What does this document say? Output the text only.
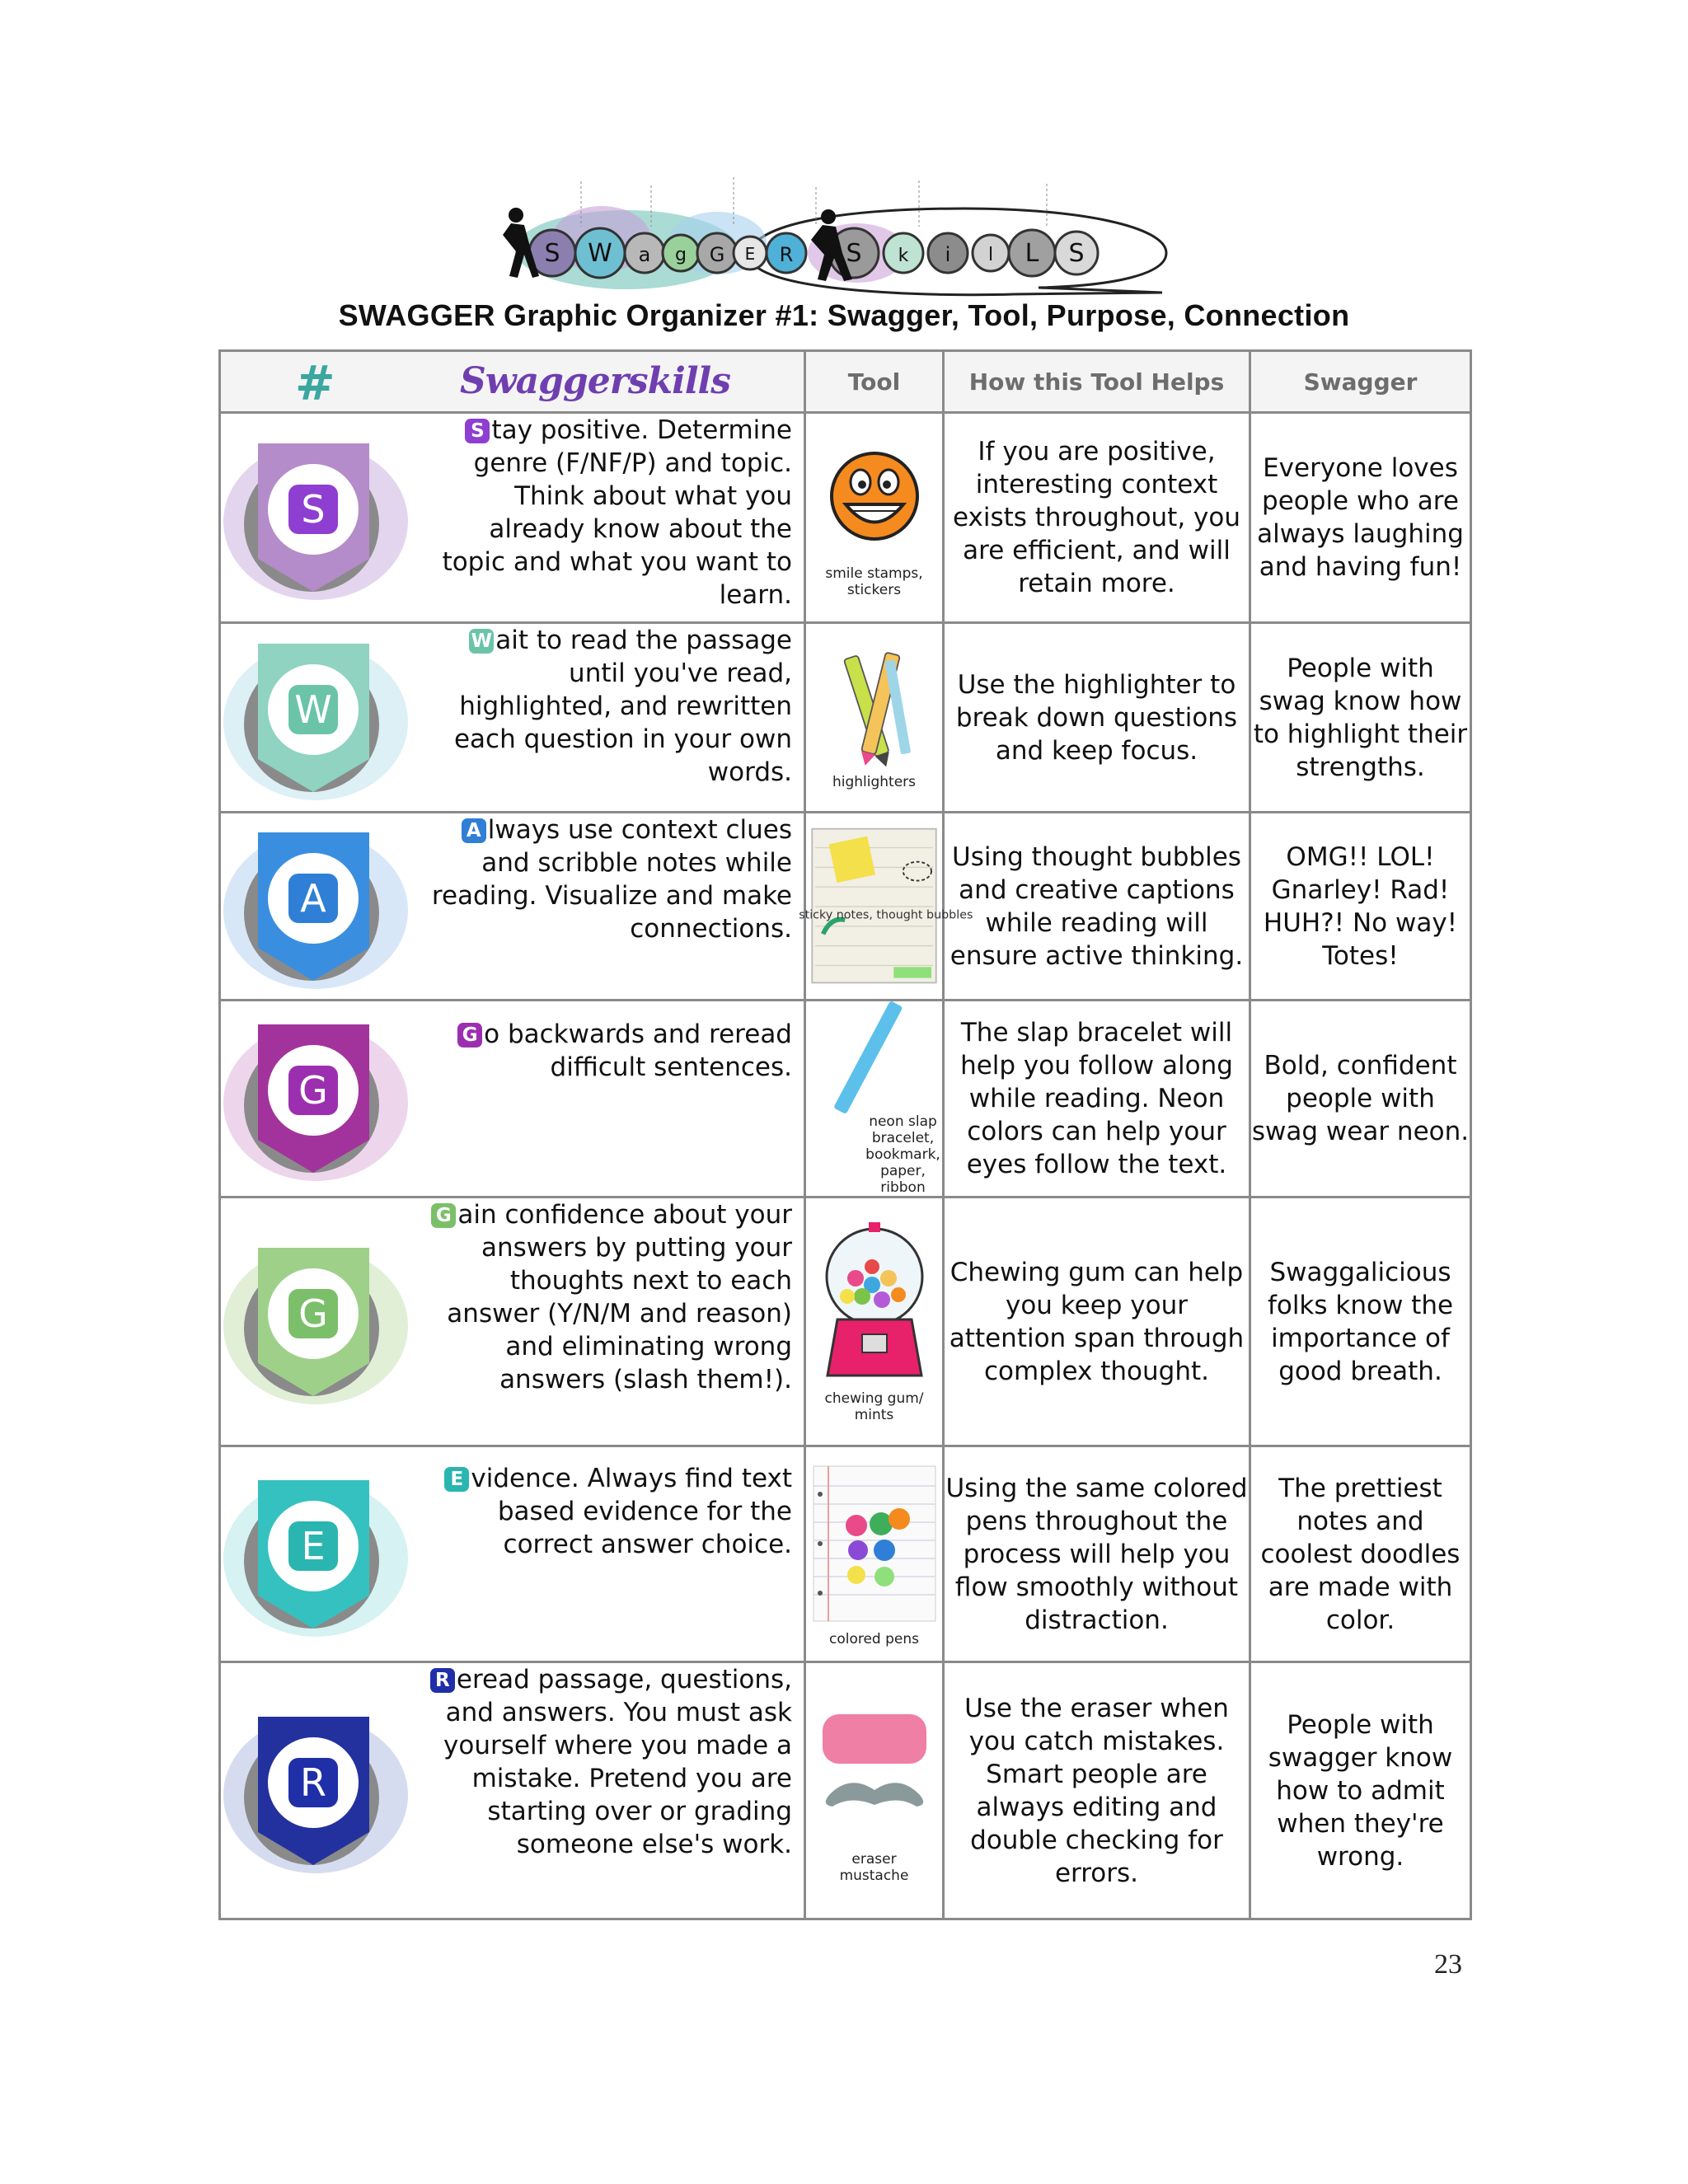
S W a g G E R S k i l L S
SWAGGER Graphic Organizer #1: Swagger, Tool, Purpose, Connection
# Swaggerskills	Tool	How this Tool Helps	Swagger

S
S tay positive. Determine genre (F/NF/P) and topic. Think about what you already know about the topic and what you want to learn.	smile stamps, stickers	If you are positive, interesting context exists throughout, you are efficient, and will retain more.	Everyone loves people who are always laughing and having fun!

W
W ait to read the passage until you've read, highlighted, and rewritten each question in your own words.	highlighters	Use the highlighter to break down questions and keep focus.	People with swag know how to highlight their strengths.

A
A lways use context clues and scribble notes while reading. Visualize and make connections.	sticky notes, thought bubbles	Using thought bubbles and creative captions while reading will ensure active thinking.	OMG!! LOL! Gnarley! Rad! HUH?! No way! Totes!

G
G o backwards and reread difficult sentences.	neon slap bracelet, bookmark, paper, ribbon	The slap bracelet will help you follow along while reading. Neon colors can help your eyes follow the text.	Bold, confident people with swag wear neon.

G
G ain confidence about your answers by putting your thoughts next to each answer (Y/N/M and reason) and eliminating wrong answers (slash them!).	chewing gum/ mints	Chewing gum can help you keep your attention span through complex thought.	Swaggalicious folks know the importance of good breath.

E
E vidence. Always find text based evidence for the correct answer choice.	colored pens	Using the same colored pens throughout the process will help you flow smoothly without distraction.	The prettiest notes and coolest doodles are made with color.

R
R eread passage, questions, and answers. You must ask yourself where you made a mistake. Pretend you are starting over or grading someone else's work.	eraser mustache	Use the eraser when you catch mistakes. Smart people are always editing and double checking for errors.	People with swagger know how to admit when they're wrong.
23
